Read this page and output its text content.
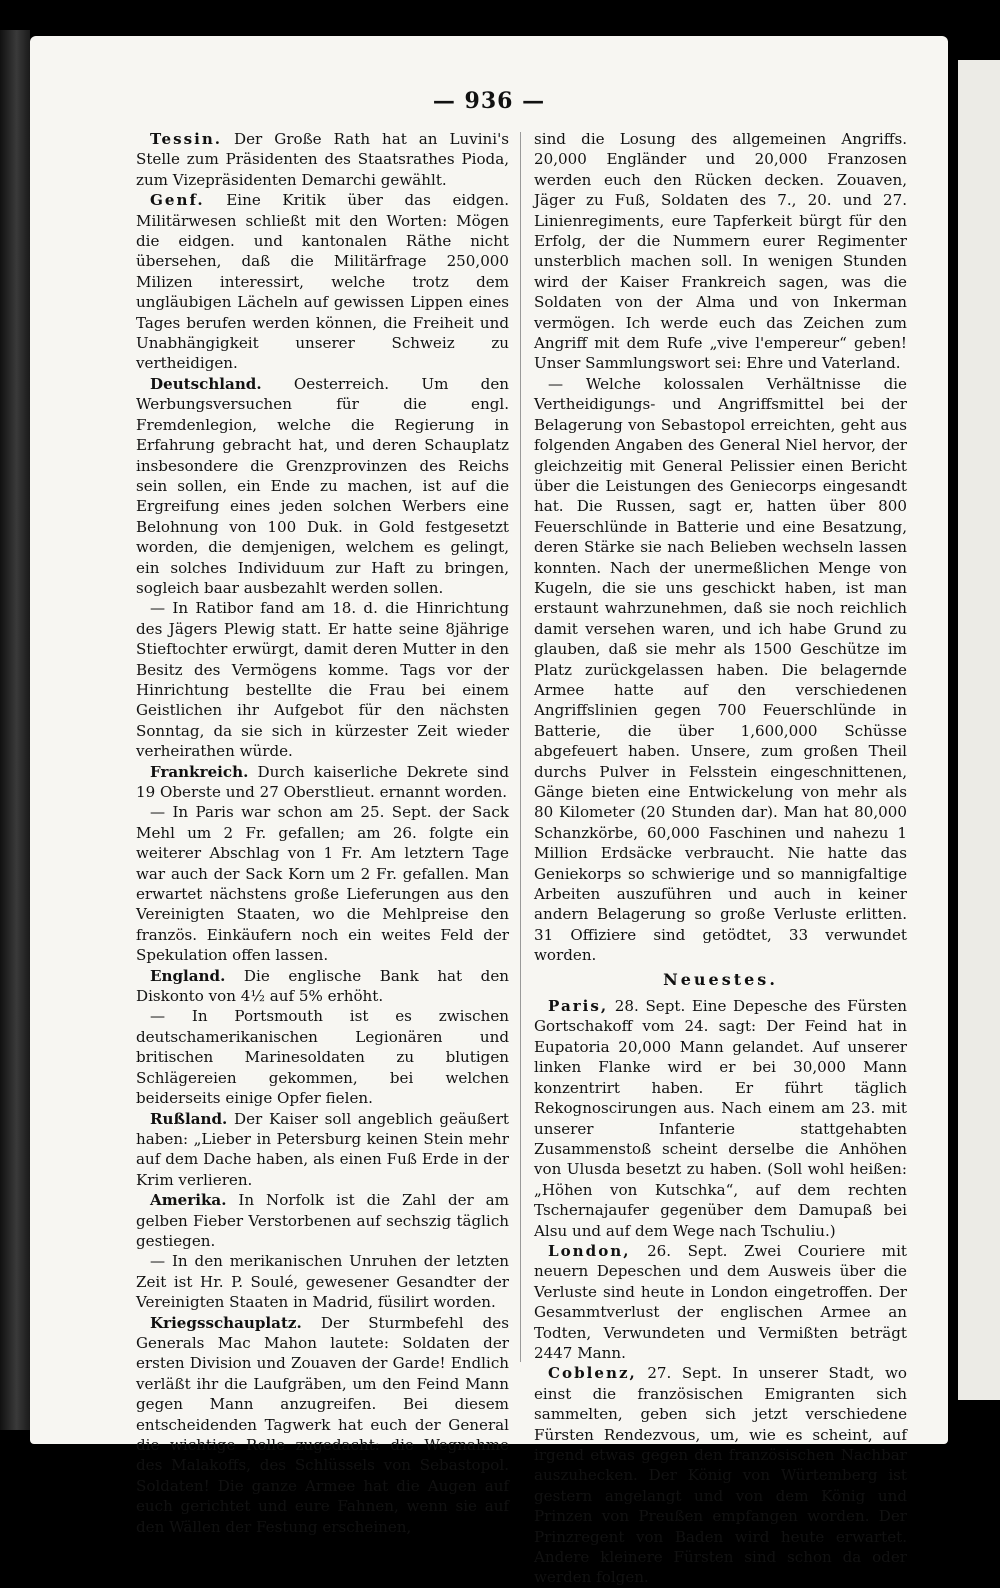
— 936 —

Tessin. Der Große Rath hat an Luvini's Stelle zum Präsidenten des Staatsrathes Pioda, zum Vizepräsidenten Demarchi gewählt.

Genf. Eine Kritik über das eidgen. Militärwesen schließt mit den Worten: Mögen die eidgen. und kantonalen Räthe nicht übersehen, daß die Militärfrage 250,000 Milizen interessirt, welche trotz dem ungläubigen Lächeln auf gewissen Lippen eines Tages berufen werden können, die Freiheit und Unabhängigkeit unserer Schweiz zu vertheidigen.

Deutschland. Oesterreich. Um den Werbungsversuchen für die engl. Fremdenlegion, welche die Regierung in Erfahrung gebracht hat, und deren Schauplatz insbesondere die Grenzprovinzen des Reichs sein sollen, ein Ende zu machen, ist auf die Ergreifung eines jeden solchen Werbers eine Belohnung von 100 Duk. in Gold festgesetzt worden, die demjenigen, welchem es gelingt, ein solches Individuum zur Haft zu bringen, sogleich baar ausbezahlt werden sollen.

— In Ratibor fand am 18. d. die Hinrichtung des Jägers Plewig statt. Er hatte seine 8jährige Stieftochter erwürgt, damit deren Mutter in den Besitz des Vermögens komme. Tags vor der Hinrichtung bestellte die Frau bei einem Geistlichen ihr Aufgebot für den nächsten Sonntag, da sie sich in kürzester Zeit wieder verheirathen würde.

Frankreich. Durch kaiserliche Dekrete sind 19 Oberste und 27 Oberstlieut. ernannt worden.

— In Paris war schon am 25. Sept. der Sack Mehl um 2 Fr. gefallen; am 26. folgte ein weiterer Abschlag von 1 Fr. Am letztern Tage war auch der Sack Korn um 2 Fr. gefallen. Man erwartet nächstens große Lieferungen aus den Vereinigten Staaten, wo die Mehlpreise den französ. Einkäufern noch ein weites Feld der Spekulation offen lassen.

England. Die englische Bank hat den Diskonto von 4½ auf 5% erhöht.

— In Portsmouth ist es zwischen deutschamerikanischen Legionären und britischen Marinesoldaten zu blutigen Schlägereien gekommen, bei welchen beiderseits einige Opfer fielen.

Rußland. Der Kaiser soll angeblich geäußert haben: „Lieber in Petersburg keinen Stein mehr auf dem Dache haben, als einen Fuß Erde in der Krim verlieren.

Amerika. In Norfolk ist die Zahl der am gelben Fieber Verstorbenen auf sechszig täglich gestiegen.

— In den merikanischen Unruhen der letzten Zeit ist Hr. P. Soulé, gewesener Gesandter der Vereinigten Staaten in Madrid, füsilirt worden.

Kriegsschauplatz. Der Sturmbefehl des Generals Mac Mahon lautete: Soldaten der ersten Division und Zouaven der Garde! Endlich verläßt ihr die Laufgräben, um den Feind Mann gegen Mann anzugreifen. Bei diesem entscheidenden Tagwerk hat euch der General die wichtige Rolle zugedacht: die Wegnahme des Malakoffs, des Schlüssels von Sebastopol. Soldaten! Die ganze Armee hat die Augen auf euch gerichtet und eure Fahnen, wenn sie auf den Wällen der Festung erscheinen,

sind die Losung des allgemeinen Angriffs. 20,000 Engländer und 20,000 Franzosen werden euch den Rücken decken. Zouaven, Jäger zu Fuß, Soldaten des 7., 20. und 27. Linienregiments, eure Tapferkeit bürgt für den Erfolg, der die Nummern eurer Regimenter unsterblich machen soll. In wenigen Stunden wird der Kaiser Frankreich sagen, was die Soldaten von der Alma und von Inkerman vermögen. Ich werde euch das Zeichen zum Angriff mit dem Rufe „vive l'empereur“ geben! Unser Sammlungswort sei: Ehre und Vaterland.

— Welche kolossalen Verhältnisse die Vertheidigungs- und Angriffsmittel bei der Belagerung von Sebastopol erreichten, geht aus folgenden Angaben des General Niel hervor, der gleichzeitig mit General Pelissier einen Bericht über die Leistungen des Geniecorps eingesandt hat. Die Russen, sagt er, hatten über 800 Feuerschlünde in Batterie und eine Besatzung, deren Stärke sie nach Belieben wechseln lassen konnten. Nach der unermeßlichen Menge von Kugeln, die sie uns geschickt haben, ist man erstaunt wahrzunehmen, daß sie noch reichlich damit versehen waren, und ich habe Grund zu glauben, daß sie mehr als 1500 Geschütze im Platz zurückgelassen haben. Die belagernde Armee hatte auf den verschiedenen Angriffslinien gegen 700 Feuerschlünde in Batterie, die über 1,600,000 Schüsse abgefeuert haben. Unsere, zum großen Theil durchs Pulver in Felsstein eingeschnittenen, Gänge bieten eine Entwickelung von mehr als 80 Kilometer (20 Stunden dar). Man hat 80,000 Schanzkörbe, 60,000 Faschinen und nahezu 1 Million Erdsäcke verbraucht. Nie hatte das Geniekorps so schwierige und so mannigfaltige Arbeiten auszuführen und auch in keiner andern Belagerung so große Verluste erlitten. 31 Offiziere sind getödtet, 33 verwundet worden.

Neuestes.

Paris, 28. Sept. Eine Depesche des Fürsten Gortschakoff vom 24. sagt: Der Feind hat in Eupatoria 20,000 Mann gelandet. Auf unserer linken Flanke wird er bei 30,000 Mann konzentrirt haben. Er führt täglich Rekognoscirungen aus. Nach einem am 23. mit unserer Infanterie stattgehabten Zusammenstoß scheint derselbe die Anhöhen von Ulusda besetzt zu haben. (Soll wohl heißen: „Höhen von Kutschka“, auf dem rechten Tschernajaufer gegenüber dem Damupaß bei Alsu und auf dem Wege nach Tschuliu.)

London, 26. Sept. Zwei Couriere mit neuern Depeschen und dem Ausweis über die Verluste sind heute in London eingetroffen. Der Gesammtverlust der englischen Armee an Todten, Verwundeten und Vermißten beträgt 2447 Mann.

Coblenz, 27. Sept. In unserer Stadt, wo einst die französischen Emigranten sich sammelten, geben sich jetzt verschiedene Fürsten Rendezvous, um, wie es scheint, auf irgend etwas gegen den französischen Nachbar auszuhecken. Der König von Würtemberg ist gestern angelangt und von dem König und Prinzen von Preußen empfangen worden. Der Prinzregent von Baden wird heute erwartet. Andere kleinere Fürsten sind schon da oder werden folgen.
